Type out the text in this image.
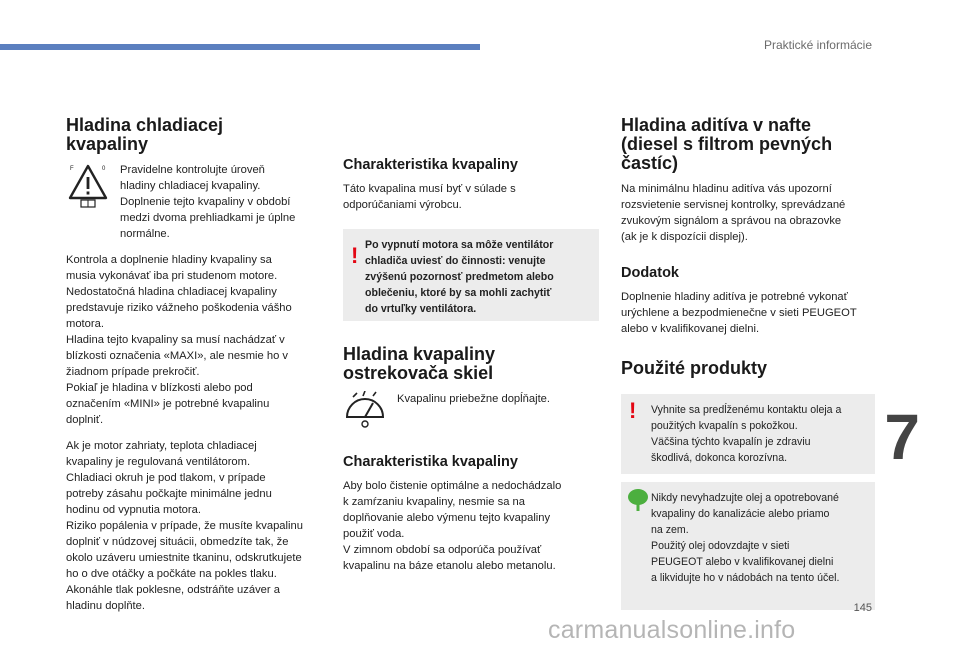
Praktické informácie
Hladina chladiacej
kvapaliny
F	0 Pravidelne kontrolujte úroveň
hladiny chladiacej kvapaliny.
Doplnenie tejto kvapaliny v období
medzi dvoma prehliadkami je úplne
normálne.

Kontrola a doplnenie hladiny kvapaliny sa
musia vykonávať iba pri studenom motore.
Nedostatočná hladina chladiacej kvapaliny
predstavuje riziko vážneho poškodenia vášho
motora.
Hladina tejto kvapaliny sa musí nachádzať v
blízkosti označenia «MAXI», ale nesmie ho v
žiadnom prípade prekročiť.
Pokiaľ je hladina v blízkosti alebo pod
označením «MINI» je potrebné kvapalinu
doplniť.

Ak je motor zahriaty, teplota chladiacej
kvapaliny je regulovaná ventilátorom.
Chladiaci okruh je pod tlakom, v prípade
potreby zásahu počkajte minimálne jednu
hodinu od vypnutia motora.
Riziko popálenia v prípade, že musíte kvapalinu
doplniť v núdzovej situácii, obmedzíte tak, že
okolo uzáveru umiestnite tkaninu, odskrutkujete
ho o dve otáčky a počkáte na pokles tlaku.
Akonáhle tlak poklesne, odstráňte uzáver a
hladinu doplňte.

Charakteristika kvapaliny

Táto kvapalina musí byť v súlade s
odporúčaniami výrobcu.

! Po vypnutí motora sa môže ventilátor
chladiča uviesť do činnosti: venujte
zvýšenú pozornosť predmetom alebo
oblečeniu, ktoré by sa mohli zachytiť
do vrtuľky ventilátora.

Hladina kvapaliny
ostrekovača skiel

Kvapalinu priebežne dopĺňajte.

Charakteristika kvapaliny

Aby bolo čistenie optimálne a nedochádzalo
k zamŕzaniu kvapaliny, nesmie sa na
doplňovanie alebo výmenu tejto kvapaliny
použiť voda.
V zimnom období sa odporúča používať
kvapalinu na báze etanolu alebo metanolu.

Hladina aditíva v nafte
(diesel s filtrom pevných
častíc)

Na minimálnu hladinu aditíva vás upozorní
rozsvietenie servisnej kontrolky, sprevádzané
zvukovým signálom a správou na obrazovke
(ak je k dispozícii displej).

Dodatok

Doplnenie hladiny aditíva je potrebné vykonať
urýchlene a bezpodmienečne v sieti PEUGEOT
alebo v kvalifikovanej dielni.

Použité produkty
! Vyhnite sa predĺženému kontaktu oleja a
použitých kvapalín s pokožkou.
Väčšina týchto kvapalín je zdraviu
škodlivá, dokonca korozívna.

Nikdy nevyhadzujte olej a opotrebované
kvapaliny do kanalizácie alebo priamo
na zem.
Použitý olej odovzdajte v sieti
PEUGEOT alebo v kvalifikovanej dielni
a likvidujte ho v nádobách na tento účel.

7
145
carmanualsonline.info
